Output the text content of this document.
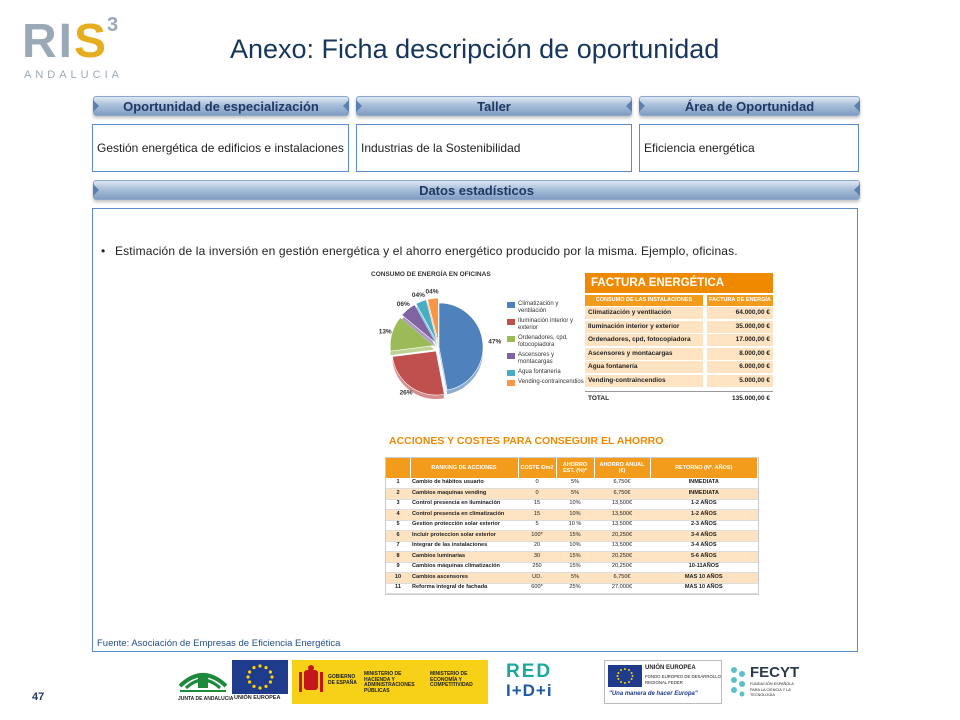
RIS
3
ANDALUCIA
Anexo: Ficha descripción de oportunidad
Oportunidad de especialización	Taller	Área de Oportunidad
Gestión energética de edificios e instalaciones	Industrias de la Sostenibilidad	Eficiencia energética
Datos estadísticos
• Estimación de la inversión en gestión energética y el ahorro energético producido por la misma. Ejemplo, oficinas.
CONSUMO DE ENERGÍA EN OFICINAS
47%
26%
13%
06%
04% 04%
Climatización y ventilación
Iluminación interior y exterior
Ordenadores, cpd, fotocopiadora
Ascensores y montacargas
Agua fontanería
Vending-contraincendios
FACTURA ENERGÉTICA
CONSUMO DE LAS INSTALACIONES	FACTURA DE ENERGÍA
Climatización y ventilación	64.000,00 €
Iluminación interior y exterior	35.000,00 €
Ordenadores, cpd, fotocopiadora	17.000,00 €
Ascensores y montacargas	8.000,00 €
Agua fontanería	6.000,00 €
Vending-contraincendios	5.000,00 €
TOTAL	135.000,00 €
ACCIONES Y COSTES PARA CONSEGUIR EL AHORRO
	RANKING DE ACCIONES	COSTE €/m2	AHORRO EST. (%)*	AHORRO ANUAL (€)	RETORNO (Nº. AÑOS)
1	Cambio de hábitos usuario	0	5%	6,750€	INMEDIATA
2	Cambios maquinas vending	0	5%	6,750€	INMEDIATA
3	Control presencia en iluminación	15	10%	13,500€	1-2 AÑOS
4	Control presencia en climatización	15	10%	13,500€	1-2 AÑOS
5	Gestion protección solar exterior	5	10 %	13,500€	2-3 AÑOS
6	Incluir proteccion solar exterior	100*	15%	20,250€	3-4 AÑOS
7	Integrar de las instalaciones	20	10%	13,500€	3-4 AÑOS
8	Cambios luminarias	30	15%	20,250€	5-6 AÑOS
9	Cambios máquinas climatización	250	15%	20,250€	10-11AÑOS
10	Cambios ascensores	UD.	5%	6,750€	MAS 10 AÑOS
11	Reforma integral de fachada	600*	25%	27,000€	MAS 10 AÑOS
Fuente: Asociación de Empresas de Eficiencia Energética
47	JUNTA DE ANDALUCIA UNIÓN EUROPEA
GOBIERNO DE ESPAÑA
MINISTERIO DE HACIENDA Y ADMINISTRACIONES PÚBLICAS
MINISTERIO DE ECONOMÍA Y COMPETITIVIDAD
RED
I+D+i
UNIÓN EUROPEA
FONDO EUROPEO DE DESARROLLO REGIONAL FEDER
"Una manera de hacer Europa"
FECYT
FUNDACIÓN ESPAÑOLA PARA LA CIENCIA Y LA TECNOLOGÍA
